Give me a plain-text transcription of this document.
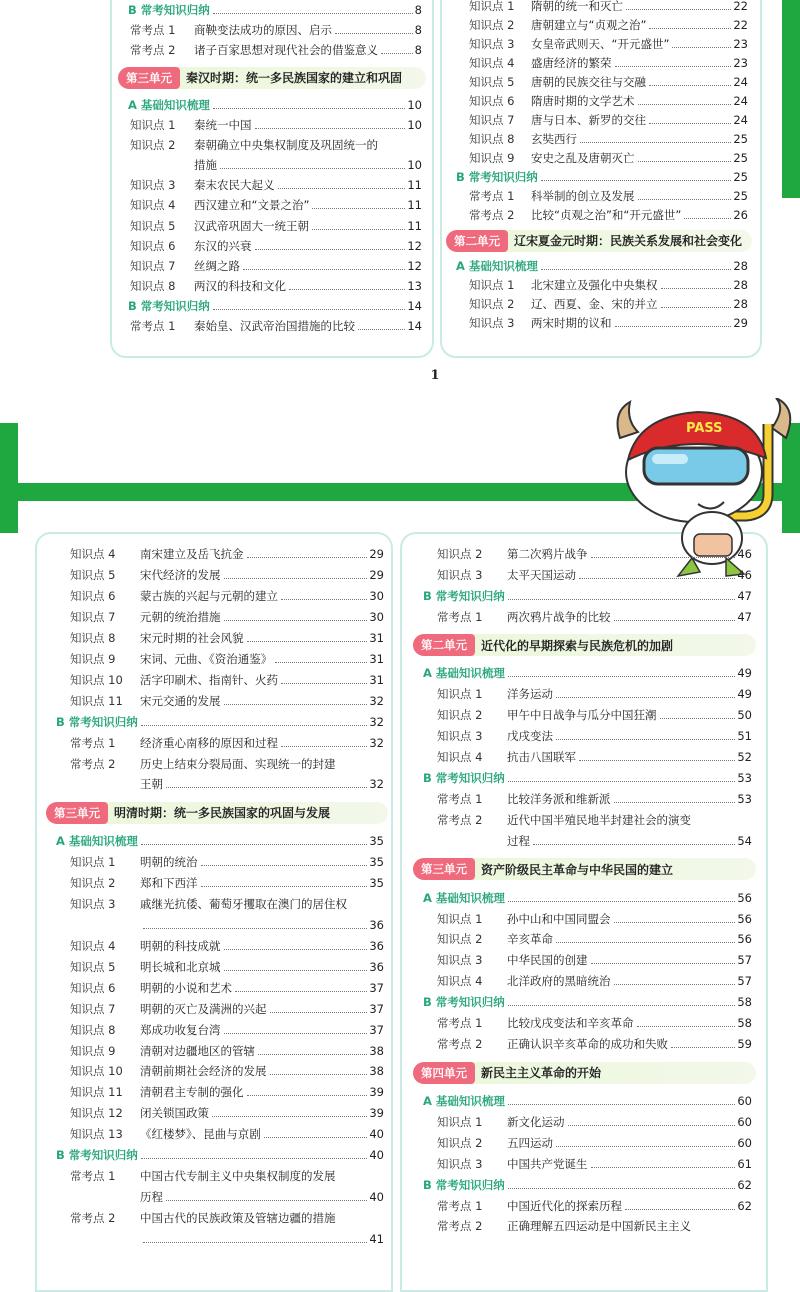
1
PASS
B 常考知识归纳	8
常考点 1	商鞅变法成功的原因、启示	8
常考点 2	诸子百家思想对现代社会的借鉴意义	8
第三单元	秦汉时期：统一多民族国家的建立和巩固
A 基础知识梳理	10
知识点 1	秦统一中国	10
知识点 2	秦朝确立中央集权制度及巩固统一的
措施	10
知识点 3	秦末农民大起义	11
知识点 4	西汉建立和“文景之治”	11
知识点 5	汉武帝巩固大一统王朝	11
知识点 6	东汉的兴衰	12
知识点 7	丝绸之路	12
知识点 8	两汉的科技和文化	13
B 常考知识归纳	14
常考点 1	秦始皇、汉武帝治国措施的比较	14
知识点 1	隋朝的统一和灭亡	22
知识点 2	唐朝建立与“贞观之治”	22
知识点 3	女皇帝武则天、“开元盛世”	23
知识点 4	盛唐经济的繁荣	23
知识点 5	唐朝的民族交往与交融	24
知识点 6	隋唐时期的文学艺术	24
知识点 7	唐与日本、新罗的交往	24
知识点 8	玄奘西行	25
知识点 9	安史之乱及唐朝灭亡	25
B 常考知识归纳	25
常考点 1	科举制的创立及发展	25
常考点 2	比较“贞观之治”和“开元盛世”	26
第二单元	辽宋夏金元时期：民族关系发展和社会变化
A 基础知识梳理	28
知识点 1	北宋建立及强化中央集权	28
知识点 2	辽、西夏、金、宋的并立	28
知识点 3	两宋时期的议和	29
知识点 4	南宋建立及岳飞抗金	29
知识点 5	宋代经济的发展	29
知识点 6	蒙古族的兴起与元朝的建立	30
知识点 7	元朝的统治措施	30
知识点 8	宋元时期的社会风貌	31
知识点 9	宋词、元曲、《资治通鉴》	31
知识点 10	活字印刷术、指南针、火药	31
知识点 11	宋元交通的发展	32
B 常考知识归纳	32
常考点 1	经济重心南移的原因和过程	32
常考点 2	历史上结束分裂局面、实现统一的封建
王朝	32
第三单元	明清时期：统一多民族国家的巩固与发展
A 基础知识梳理	35
知识点 1	明朝的统治	35
知识点 2	郑和下西洋	35
知识点 3	戚继光抗倭、葡萄牙攫取在澳门的居住权
36
知识点 4	明朝的科技成就	36
知识点 5	明长城和北京城	36
知识点 6	明朝的小说和艺术	37
知识点 7	明朝的灭亡及满洲的兴起	37
知识点 8	郑成功收复台湾	37
知识点 9	清朝对边疆地区的管辖	38
知识点 10	清朝前期社会经济的发展	38
知识点 11	清朝君主专制的强化	39
知识点 12	闭关锁国政策	39
知识点 13	《红楼梦》、昆曲与京剧	40
B 常考知识归纳	40
常考点 1	中国古代专制主义中央集权制度的发展
历程	40
常考点 2	中国古代的民族政策及管辖边疆的措施
41
知识点 2	第二次鸦片战争	46
知识点 3	太平天国运动	46
B 常考知识归纳	47
常考点 1	两次鸦片战争的比较	47
第二单元	近代化的早期探索与民族危机的加剧
A 基础知识梳理	49
知识点 1	洋务运动	49
知识点 2	甲午中日战争与瓜分中国狂潮	50
知识点 3	戊戌变法	51
知识点 4	抗击八国联军	52
B 常考知识归纳	53
常考点 1	比较洋务派和维新派	53
常考点 2	近代中国半殖民地半封建社会的演变
过程	54
第三单元	资产阶级民主革命与中华民国的建立
A 基础知识梳理	56
知识点 1	孙中山和中国同盟会	56
知识点 2	辛亥革命	56
知识点 3	中华民国的创建	57
知识点 4	北洋政府的黑暗统治	57
B 常考知识归纳	58
常考点 1	比较戊戌变法和辛亥革命	58
常考点 2	正确认识辛亥革命的成功和失败	59
第四单元	新民主主义革命的开始
A 基础知识梳理	60
知识点 1	新文化运动	60
知识点 2	五四运动	60
知识点 3	中国共产党诞生	61
B 常考知识归纳	62
常考点 1	中国近代化的探索历程	62
常考点 2	正确理解五四运动是中国新民主主义
